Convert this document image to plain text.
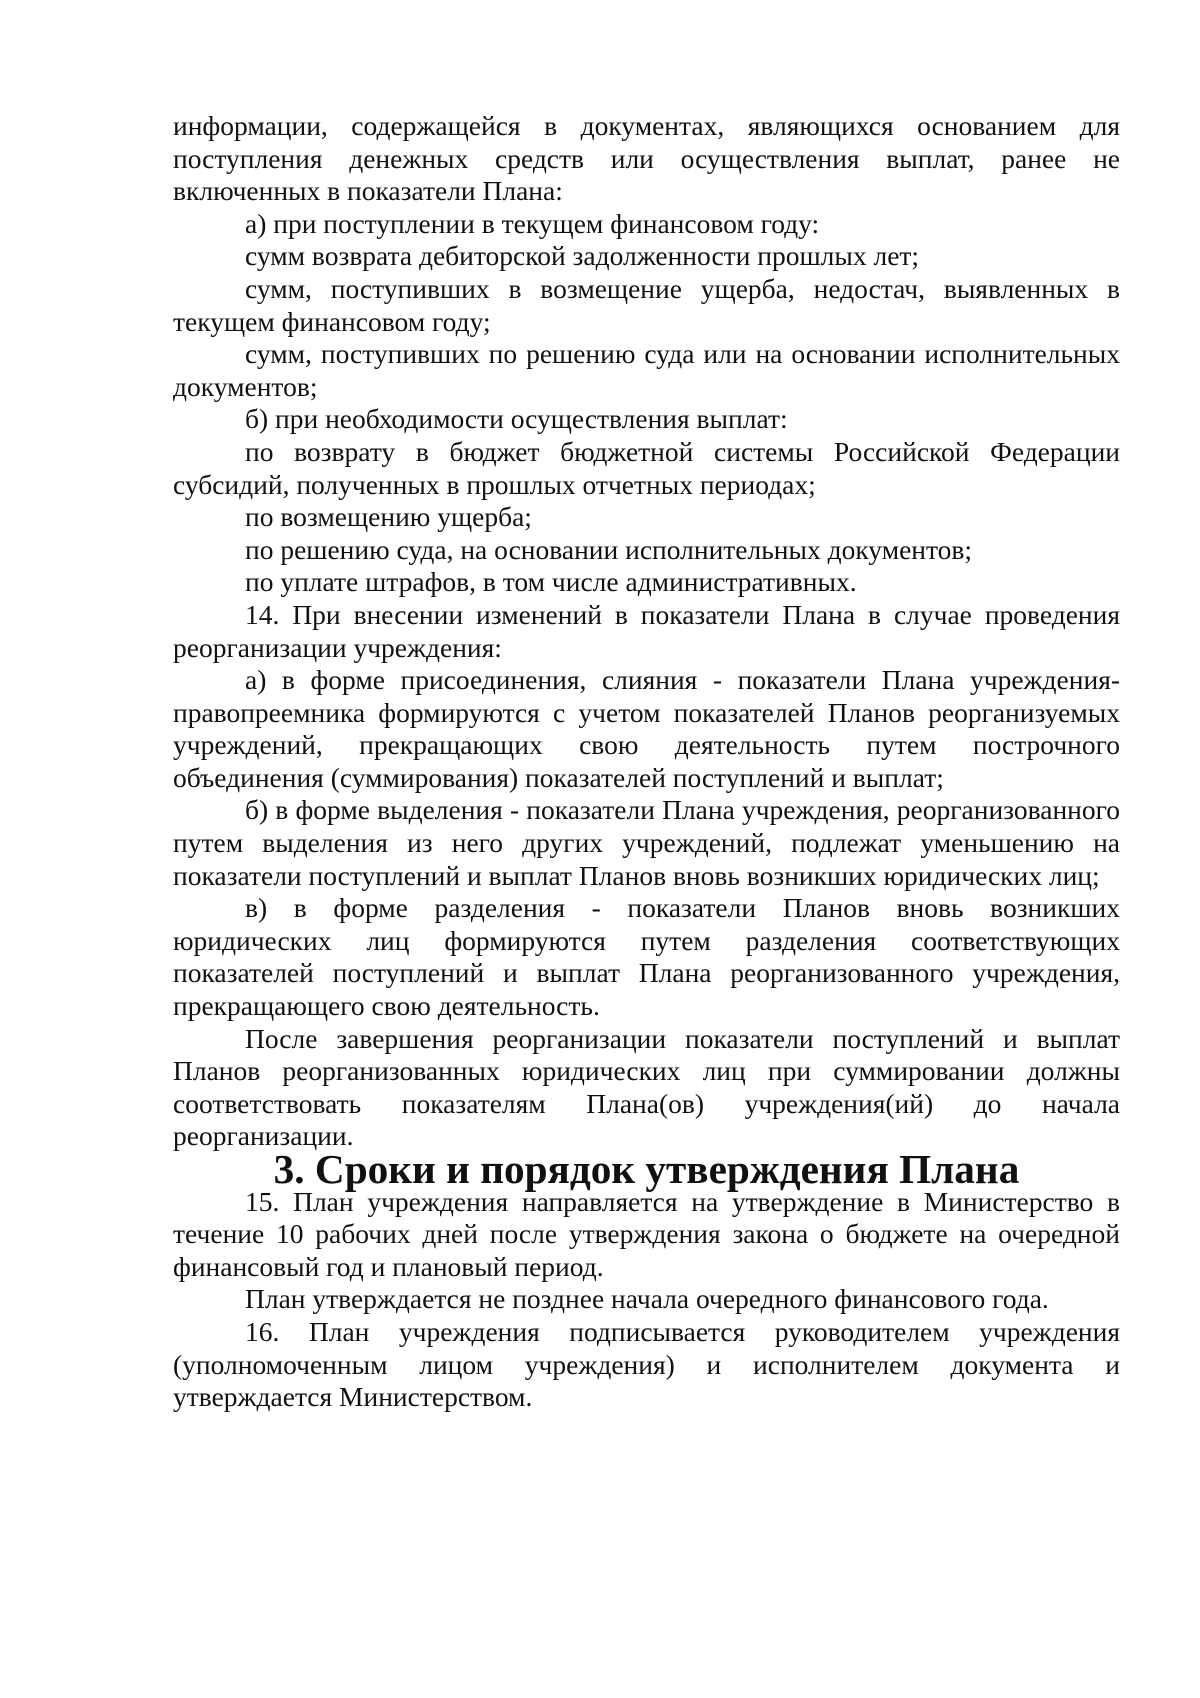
информации, содержащейся в документах, являющихся основанием для поступления денежных средств или осуществления выплат, ранее не включенных в показатели Плана:

а) при поступлении в текущем финансовом году:

сумм возврата дебиторской задолженности прошлых лет;

сумм, поступивших в возмещение ущерба, недостач, выявленных в текущем финансовом году;

сумм, поступивших по решению суда или на основании исполнительных документов;

б) при необходимости осуществления выплат:

по возврату в бюджет бюджетной системы Российской Федерации субсидий, полученных в прошлых отчетных периодах;

по возмещению ущерба;

по решению суда, на основании исполнительных документов;

по уплате штрафов, в том числе административных.

14. При внесении изменений в показатели Плана в случае проведения реорганизации учреждения:

а) в форме присоединения, слияния - показатели Плана учреждения-правопреемника формируются с учетом показателей Планов реорганизуемых учреждений, прекращающих свою деятельность путем построчного объединения (суммирования) показателей поступлений и выплат;

б) в форме выделения - показатели Плана учреждения, реорганизованного путем выделения из него других учреждений, подлежат уменьшению на показатели поступлений и выплат Планов вновь возникших юридических лиц;

в) в форме разделения - показатели Планов вновь возникших юридических лиц формируются путем разделения соответствующих показателей поступлений и выплат Плана реорганизованного учреждения, прекращающего свою деятельность.

После завершения реорганизации показатели поступлений и выплат Планов реорганизованных юридических лиц при суммировании должны соответствовать показателям Плана(ов) учреждения(ий) до начала реорганизации.

3. Сроки и порядок утверждения Плана

15. План учреждения направляется на утверждение в Министерство в течение 10 рабочих дней после утверждения закона о бюджете на очередной финансовый год и плановый период.

План утверждается не позднее начала очередного финансового года.

16. План учреждения подписывается руководителем учреждения (уполномоченным лицом учреждения) и исполнителем документа и утверждается Министерством.
